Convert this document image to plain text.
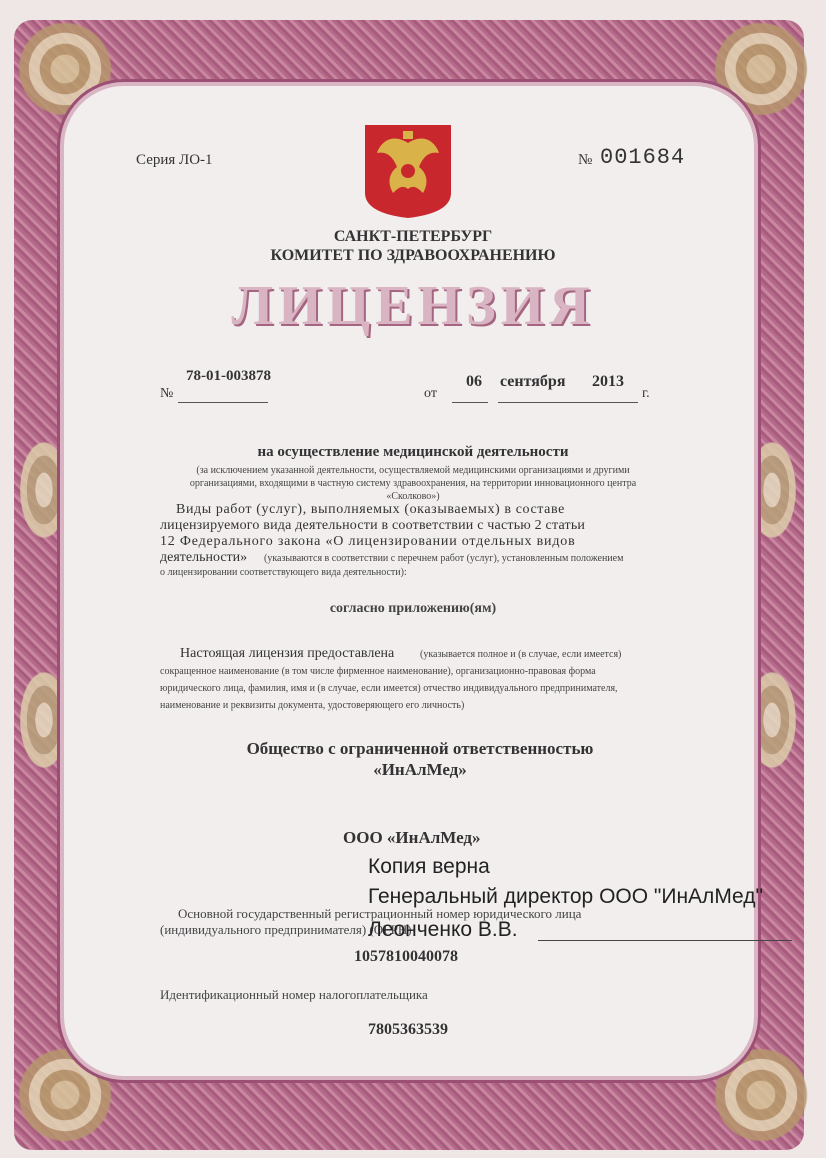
Серия ЛО-1	№ 001684
САНКТ-ПЕТЕРБУРГ
КОМИТЕТ ПО ЗДРАВООХРАНЕНИЮ
ЛИЦЕНЗИЯ
№
78-01-003878
от
06 сентября 2013
г.
на осуществление медицинской деятельности
(за исключением указанной деятельности, осуществляемой медицинскими организациями и другими
организациями, входящими в частную систему здравоохранения, на территории инновационного центра
«Сколково»)
Виды работ (услуг), выполняемых (оказываемых) в составе
лицензируемого вида деятельности в соответствии с частью 2 статьи
12 Федерального закона «О лицензировании отдельных видов
деятельности» (указываются в соответствии с перечнем работ (услуг), установленным положением
о лицензировании соответствующего вида деятельности):
согласно приложению(ям)
Настоящая лицензия предоставлена	(указывается полное и (в случае, если имеется)
сокращенное наименование (в том числе фирменное наименование), организационно-правовая форма
юридического лица, фамилия, имя и (в случае, если имеется) отчество индивидуального предпринимателя,
наименование и реквизиты документа, удостоверяющего его личность)
Общество с ограниченной ответственностью
«ИнАлМед»
ООО «ИнАлМед»
Основной государственный регистрационный номер юридического лица
(индивидуального предпринимателя) (ОГРН)
Копия верна
Генеральный директор ООО "ИнАлМед"
Леонченко В.В.
1057810040078
Идентификационный номер налогоплательщика
7805363539
